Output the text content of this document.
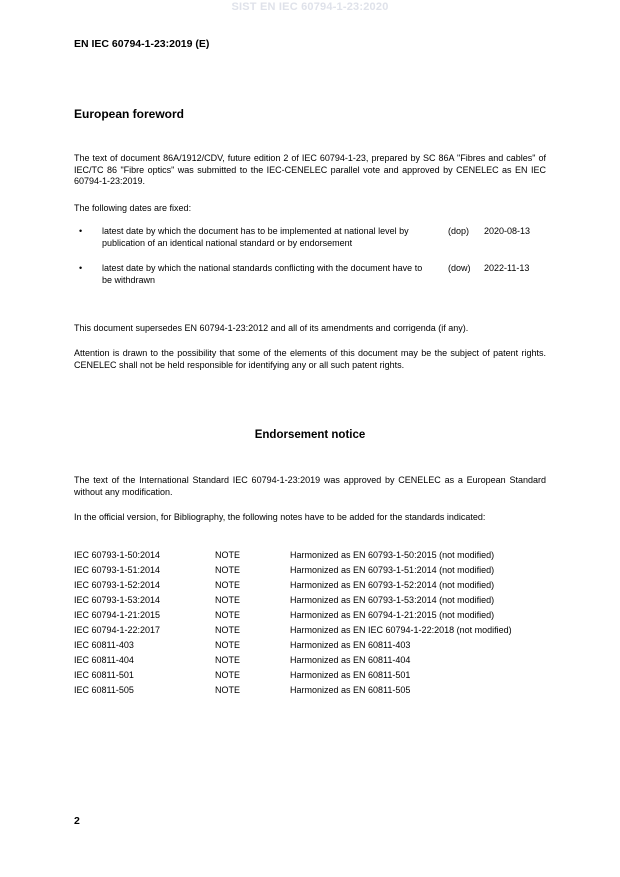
SIST EN IEC 60794-1-23:2020
EN IEC 60794-1-23:2019 (E)
European foreword
The text of document 86A/1912/CDV, future edition 2 of IEC 60794-1-23, prepared by SC 86A "Fibres and cables" of IEC/TC 86 "Fibre optics" was submitted to the IEC-CENELEC parallel vote and approved by CENELEC as EN IEC 60794-1-23:2019.
The following dates are fixed:
• latest date by which the document has to be implemented at national level by publication of an identical national standard or by endorsement
(dop) 2020-08-13
• latest date by which the national standards conflicting with the document have to be withdrawn
(dow) 2022-11-13
This document supersedes EN 60794-1-23:2012 and all of its amendments and corrigenda (if any).
Attention is drawn to the possibility that some of the elements of this document may be the subject of patent rights. CENELEC shall not be held responsible for identifying any or all such patent rights.
Endorsement notice
The text of the International Standard IEC 60794-1-23:2019 was approved by CENELEC as a European Standard without any modification.
In the official version, for Bibliography, the following notes have to be added for the standards indicated:
IEC 60793-1-50:2014	NOTE	Harmonized as EN 60793-1-50:2015 (not modified)
IEC 60793-1-51:2014	NOTE	Harmonized as EN 60793-1-51:2014 (not modified)
IEC 60793-1-52:2014	NOTE	Harmonized as EN 60793-1-52:2014 (not modified)
IEC 60793-1-53:2014	NOTE	Harmonized as EN 60793-1-53:2014 (not modified)
IEC 60794-1-21:2015	NOTE	Harmonized as EN 60794-1-21:2015 (not modified)
IEC 60794-1-22:2017	NOTE	Harmonized as EN IEC 60794-1-22:2018 (not modified)
IEC 60811-403	NOTE	Harmonized as EN 60811-403
IEC 60811-404	NOTE	Harmonized as EN 60811-404
IEC 60811-501	NOTE	Harmonized as EN 60811-501
IEC 60811-505	NOTE	Harmonized as EN 60811-505
2
